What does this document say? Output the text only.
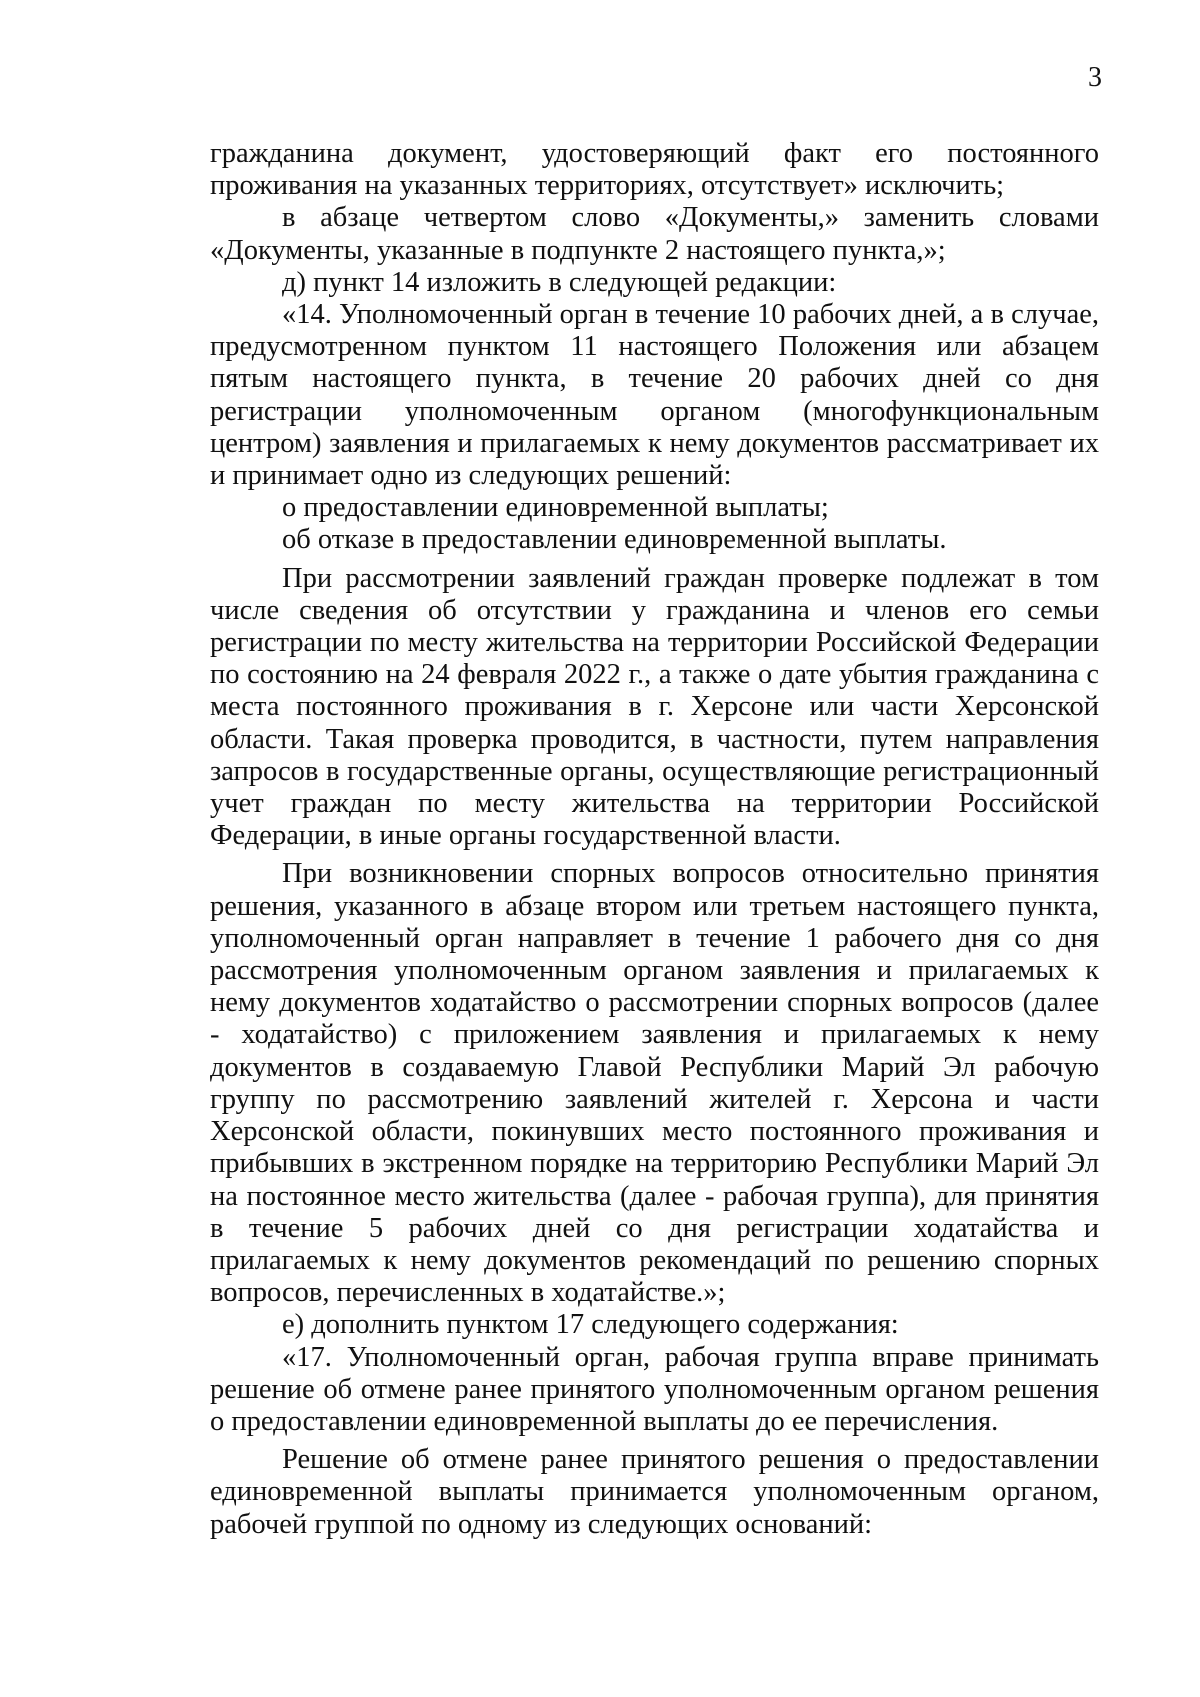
3

гражданина документ, удостоверяющий факт его постоянного проживания на указанных территориях, отсутствует» исключить;

в абзаце четвертом слово «Документы,» заменить словами «Документы, указанные в подпункте 2 настоящего пункта,»;

д) пункт 14 изложить в следующей редакции:

«14. Уполномоченный орган в течение 10 рабочих дней, а в случае, предусмотренном пунктом 11 настоящего Положения или абзацем пятым настоящего пункта, в течение 20 рабочих дней со дня регистрации уполномоченным органом (многофункциональным центром) заявления и прилагаемых к нему документов рассматривает их и принимает одно из следующих решений:

о предоставлении единовременной выплаты;

об отказе в предоставлении единовременной выплаты.

При рассмотрении заявлений граждан проверке подлежат в том числе сведения об отсутствии у гражданина и членов его семьи регистрации по месту жительства на территории Российской Федерации по состоянию на 24 февраля 2022 г., а также о дате убытия гражданина с места постоянного проживания в г. Херсоне или части Херсонской области. Такая проверка проводится, в частности, путем направления запросов в государственные органы, осуществляющие регистрационный учет граждан по месту жительства на территории Российской Федерации, в иные органы государственной власти.

При возникновении спорных вопросов относительно принятия решения, указанного в абзаце втором или третьем настоящего пункта, уполномоченный орган направляет в течение 1 рабочего дня со дня рассмотрения уполномоченным органом заявления и прилагаемых к нему документов ходатайство о рассмотрении спорных вопросов (далее - ходатайство) с приложением заявления и прилагаемых к нему документов в создаваемую Главой Республики Марий Эл рабочую группу по рассмотрению заявлений жителей г. Херсона и части Херсонской области, покинувших место постоянного проживания и прибывших в экстренном порядке на территорию Республики Марий Эл на постоянное место жительства (далее - рабочая группа), для принятия в течение 5 рабочих дней со дня регистрации ходатайства и прилагаемых к нему документов рекомендаций по решению спорных вопросов, перечисленных в ходатайстве.»;

е) дополнить пунктом 17 следующего содержания:

«17. Уполномоченный орган, рабочая группа вправе принимать решение об отмене ранее принятого уполномоченным органом решения о предоставлении единовременной выплаты до ее перечисления.

Решение об отмене ранее принятого решения о предоставлении единовременной выплаты принимается уполномоченным органом, рабочей группой по одному из следующих оснований:
